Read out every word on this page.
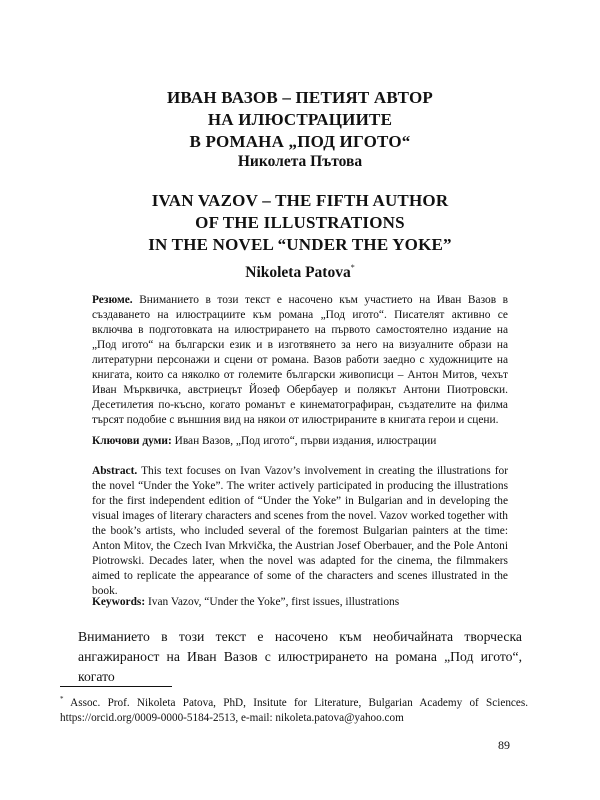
ИВАН ВАЗОВ – ПЕТИЯТ АВТОР
НА ИЛЮСТРАЦИИТЕ
В РОМАНА „ПОД ИГОТО“
Николета Пътова
IVAN VAZOV – THE FIFTH AUTHOR
OF THE ILLUSTRATIONS
IN THE NOVEL “UNDER THE YOKE”
Nikoleta Patova*
Резюме. Вниманието в този текст е насочено към участието на Иван Вазов в създаването на илюстрациите към романа „Под игото“. Писателят активно се включва в подготовката на илюстрирането на първото самостоятелно издание на „Под игото“ на български език и в изготвянето за него на визуалните образи на литературни персонажи и сцени от романа. Вазов работи заедно с художниците на книгата, които са няколко от големите български живописци – Антон Митов, чехът Иван Мърквичка, австриецът Йозеф Обербауер и полякът Антони Пиотровски. Десетилетия по-късно, когато романът е кинематографиран, създателите на филма търсят подобие с външния вид на някои от илюстрираните в книгата герои и сцени.
Ключови думи: Иван Вазов, „Под игото“, първи издания, илюстрации
Abstract. This text focuses on Ivan Vazov’s involvement in creating the illustrations for the novel “Under the Yoke”. The writer actively participated in producing the illustrations for the first independent edition of “Under the Yoke” in Bulgarian and in developing the visual images of literary characters and scenes from the novel. Vazov worked together with the book’s artists, who included several of the foremost Bulgarian painters at the time: Anton Mitov, the Czech Ivan Mrkvička, the Austrian Josef Oberbauer, and the Pole Antoni Piotrowski. Decades later, when the novel was adapted for the cinema, the filmmakers aimed to replicate the appearance of some of the characters and scenes illustrated in the book.
Keywords: Ivan Vazov, “Under the Yoke”, first issues, illustrations
Вниманието в този текст е насочено към необичайната творческа ангажираност на Иван Вазов с илюстрирането на романа „Под игото“, когато
* Assoc. Prof. Nikoleta Patova, PhD, Insitute for Literature, Bulgarian Academy of Sciences. https://orcid.org/0009-0000-5184-2513, e-mail: nikoleta.patova@yahoo.com
89
